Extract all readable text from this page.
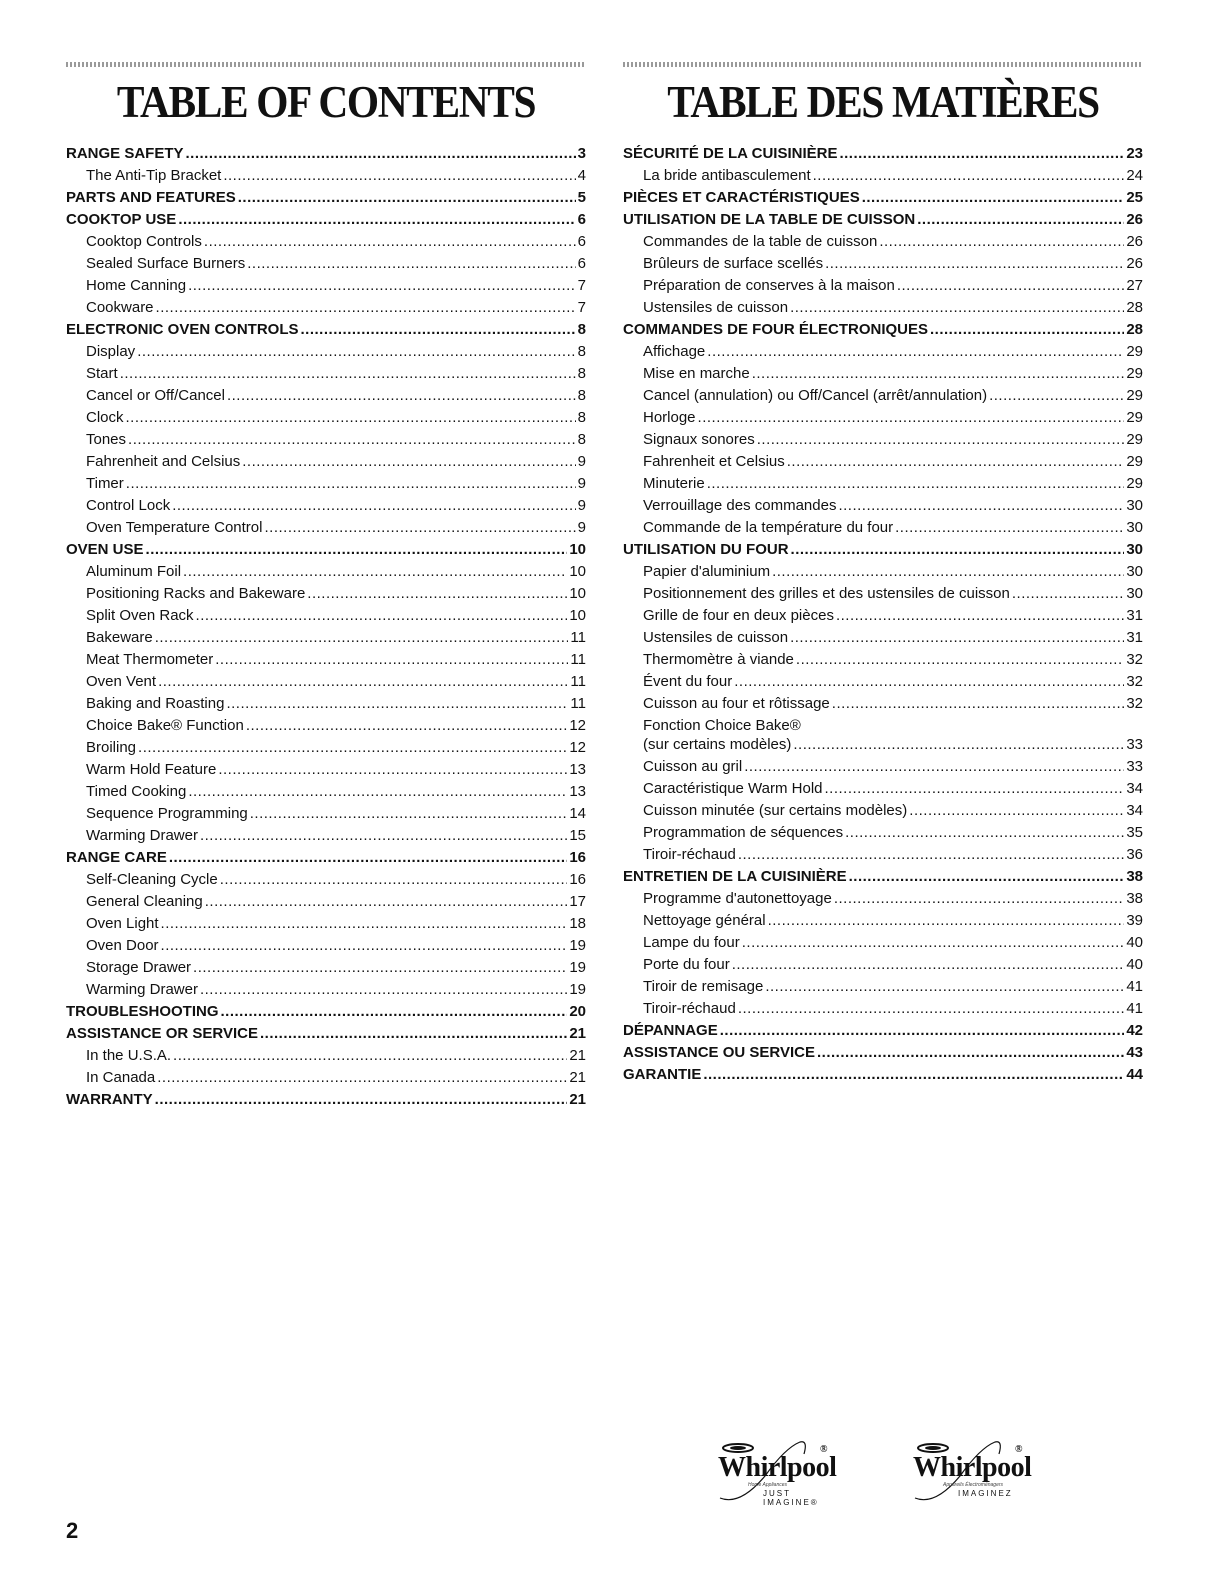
TABLE OF CONTENTS
RANGE SAFETY .....	3
The Anti-Tip Bracket .....	4
PARTS AND FEATURES .....	5
COOKTOP USE .....	6
Cooktop Controls .....	6
Sealed Surface Burners .....	6
Home Canning .....	7
Cookware .....	7
ELECTRONIC OVEN CONTROLS .....	8
Display .....	8
Start .....	8
Cancel or Off/Cancel .....	8
Clock .....	8
Tones .....	8
Fahrenheit and Celsius .....	9
Timer .....	9
Control Lock .....	9
Oven Temperature Control .....	9
OVEN USE .....	10
Aluminum Foil .....	10
Positioning Racks and Bakeware .....	10
Split Oven Rack .....	10
Bakeware .....	11
Meat Thermometer .....	11
Oven Vent .....	11
Baking and Roasting .....	11
Choice Bake® Function .....	12
Broiling .....	12
Warm Hold Feature .....	13
Timed Cooking .....	13
Sequence Programming .....	14
Warming Drawer .....	15
RANGE CARE .....	16
Self-Cleaning Cycle .....	16
General Cleaning .....	17
Oven Light .....	18
Oven Door .....	19
Storage Drawer .....	19
Warming Drawer .....	19
TROUBLESHOOTING .....	20
ASSISTANCE OR SERVICE .....	21
In the U.S.A. .....	21
In Canada .....	21
WARRANTY .....	21
TABLE DES MATIÈRES
SÉCURITÉ DE LA CUISINIÈRE .....	23
La bride antibasculement .....	24
PIÈCES ET CARACTÉRISTIQUES .....	25
UTILISATION DE LA TABLE DE CUISSON .....	26
Commandes de la table de cuisson .....	26
Brûleurs de surface scellés .....	26
Préparation de conserves à la maison .....	27
Ustensiles de cuisson .....	28
COMMANDES DE FOUR ÉLECTRONIQUES .....	28
Affichage .....	29
Mise en marche .....	29
Cancel (annulation) ou Off/Cancel (arrêt/annulation) .....	29
Horloge .....	29
Signaux sonores .....	29
Fahrenheit et Celsius .....	29
Minuterie .....	29
Verrouillage des commandes .....	30
Commande de la température du four .....	30
UTILISATION DU FOUR .....	30
Papier d'aluminium .....	30
Positionnement des grilles et des ustensiles de cuisson .....	30
Grille de four en deux pièces .....	31
Ustensiles de cuisson .....	31
Thermomètre à viande .....	32
Évent du four .....	32
Cuisson au four et rôtissage .....	32
Fonction Choice Bake®
(sur certains modèles) .....	33
Cuisson au gril .....	33
Caractéristique Warm Hold .....	34
Cuisson minutée (sur certains modèles) .....	34
Programmation de séquences .....	35
Tiroir-réchaud .....	36
ENTRETIEN DE LA CUISINIÈRE .....	38
Programme d'autonettoyage .....	38
Nettoyage général .....	39
Lampe du four .....	40
Porte du four .....	40
Tiroir de remisage .....	41
Tiroir-réchaud .....	41
DÉPANNAGE .....	42
ASSISTANCE OU SERVICE .....	43
GARANTIE .....	44
Whirlpool
®
Home Appliances
JUST IMAGINE®
Whirlpool
®
Appareils Électroménagers
IMAGINEZ
2
